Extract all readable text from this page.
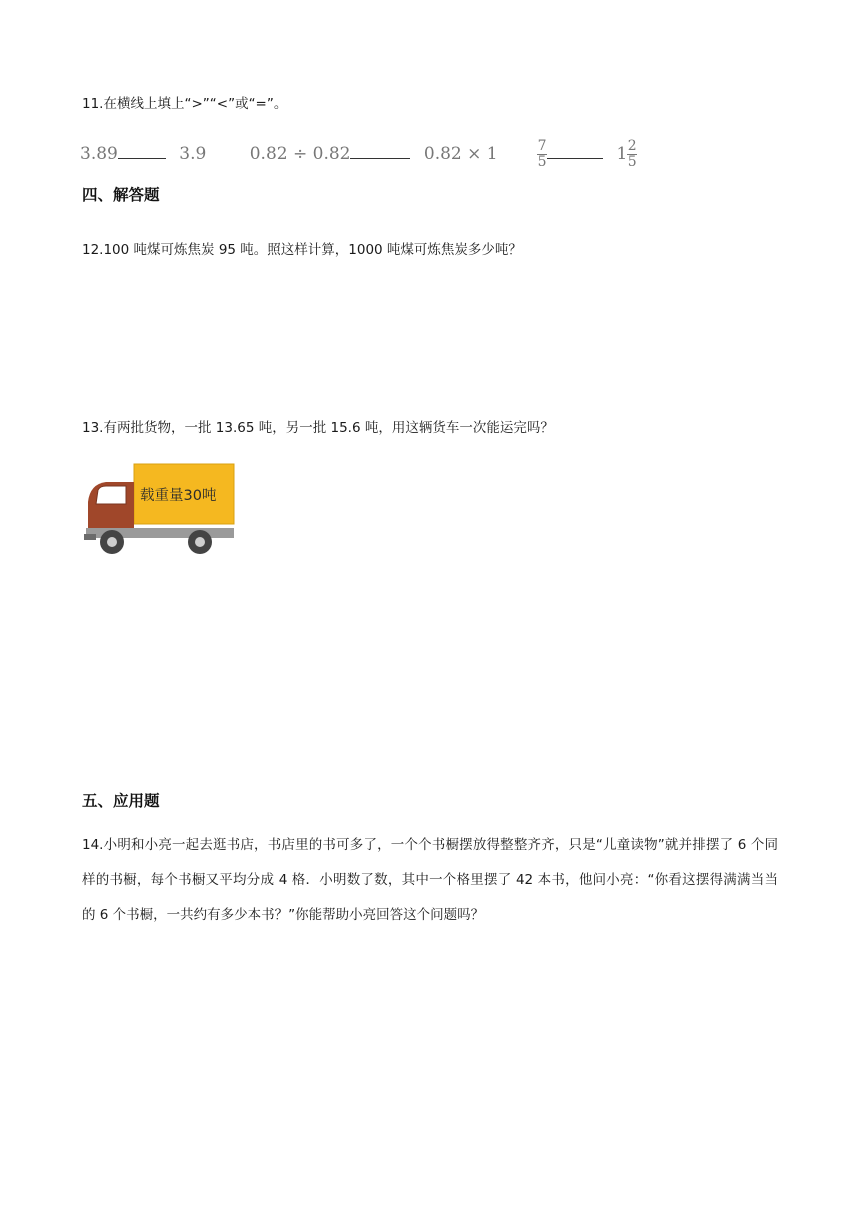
11.在横线上填上“>”“<”或“=”。
3.89	3.9	0.82 ÷ 0.82	0.82 × 1	$\frac{7}{5}$	$1 \frac{2}{5}$
四、解答题
12.100 吨煤可炼焦炭 95 吨。照这样计算，1000 吨煤可炼焦炭多少吨？
13.有两批货物，一批 13.65 吨，另一批 15.6 吨，用这辆货车一次能运完吗？
载重量30吨
五、应用题
14.小明和小亮一起去逛书店，书店里的书可多了，一个个书橱摆放得整整齐齐，只是“儿童读物”就并排摆了 6 个同样的书橱，每个书橱又平均分成 4 格．小明数了数，其中一个格里摆了 42 本书，他问小亮：“你看这摆得满满当当的 6 个书橱，一共约有多少本书？”你能帮助小亮回答这个问题吗？
